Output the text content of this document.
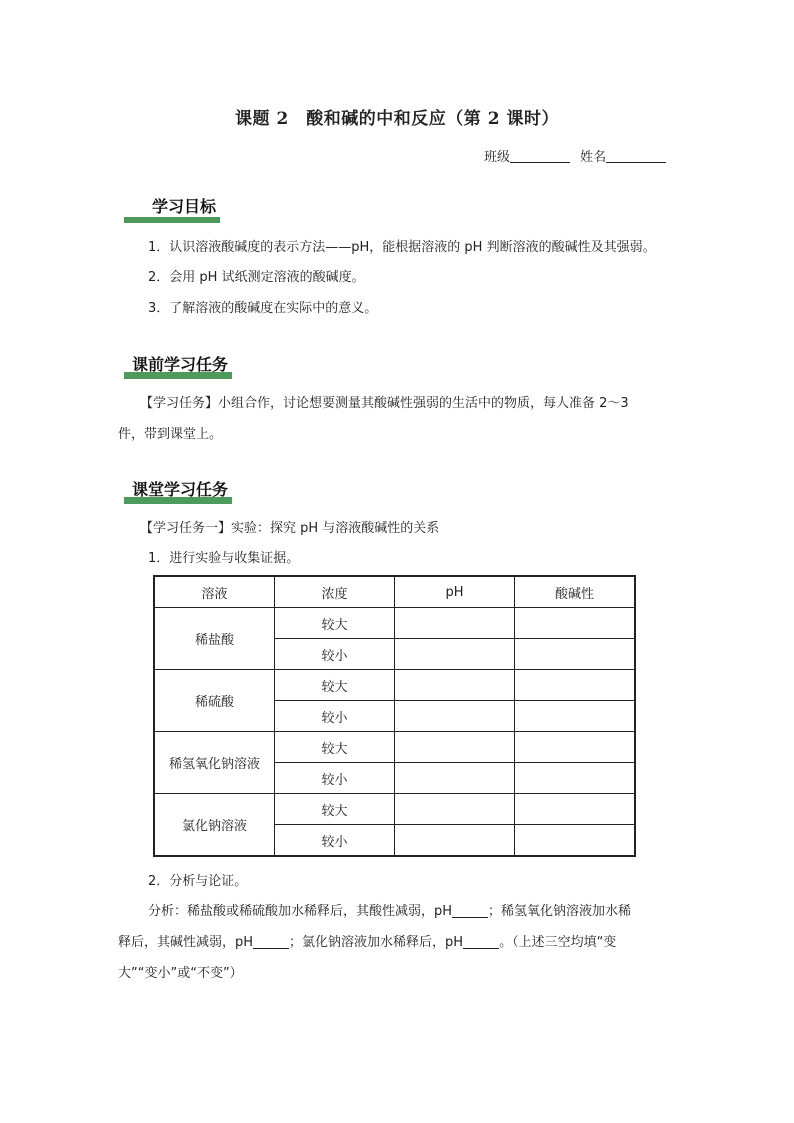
课题 2　酸和碱的中和反应（第 2 课时）
班级	姓名
学习目标
1．认识溶液酸碱度的表示方法——pH，能根据溶液的 pH 判断溶液的酸碱性及其强弱。
2．会用 pH 试纸测定溶液的酸碱度。
3．了解溶液的酸碱度在实际中的意义。
课前学习任务
【学习任务】小组合作，讨论想要测量其酸碱性强弱的生活中的物质，每人准备 2～3
件，带到课堂上。
课堂学习任务
【学习任务一】实验：探究 pH 与溶液酸碱性的关系
1．进行实验与收集证据。
溶液	浓度	pH	酸碱性
稀盐酸	较大		
	较小		
稀硫酸	较大		
	较小		
稀氢氧化钠溶液	较大		
	较小		
氯化钠溶液	较大		
	较小		
2．分析与论证。
分析：稀盐酸或稀硫酸加水稀释后，其酸性减弱，pH	；稀氢氧化钠溶液加水稀
释后，其碱性减弱，pH	；氯化钠溶液加水稀释后，pH	。（上述三空均填“变
大”“变小”或“不变”）
